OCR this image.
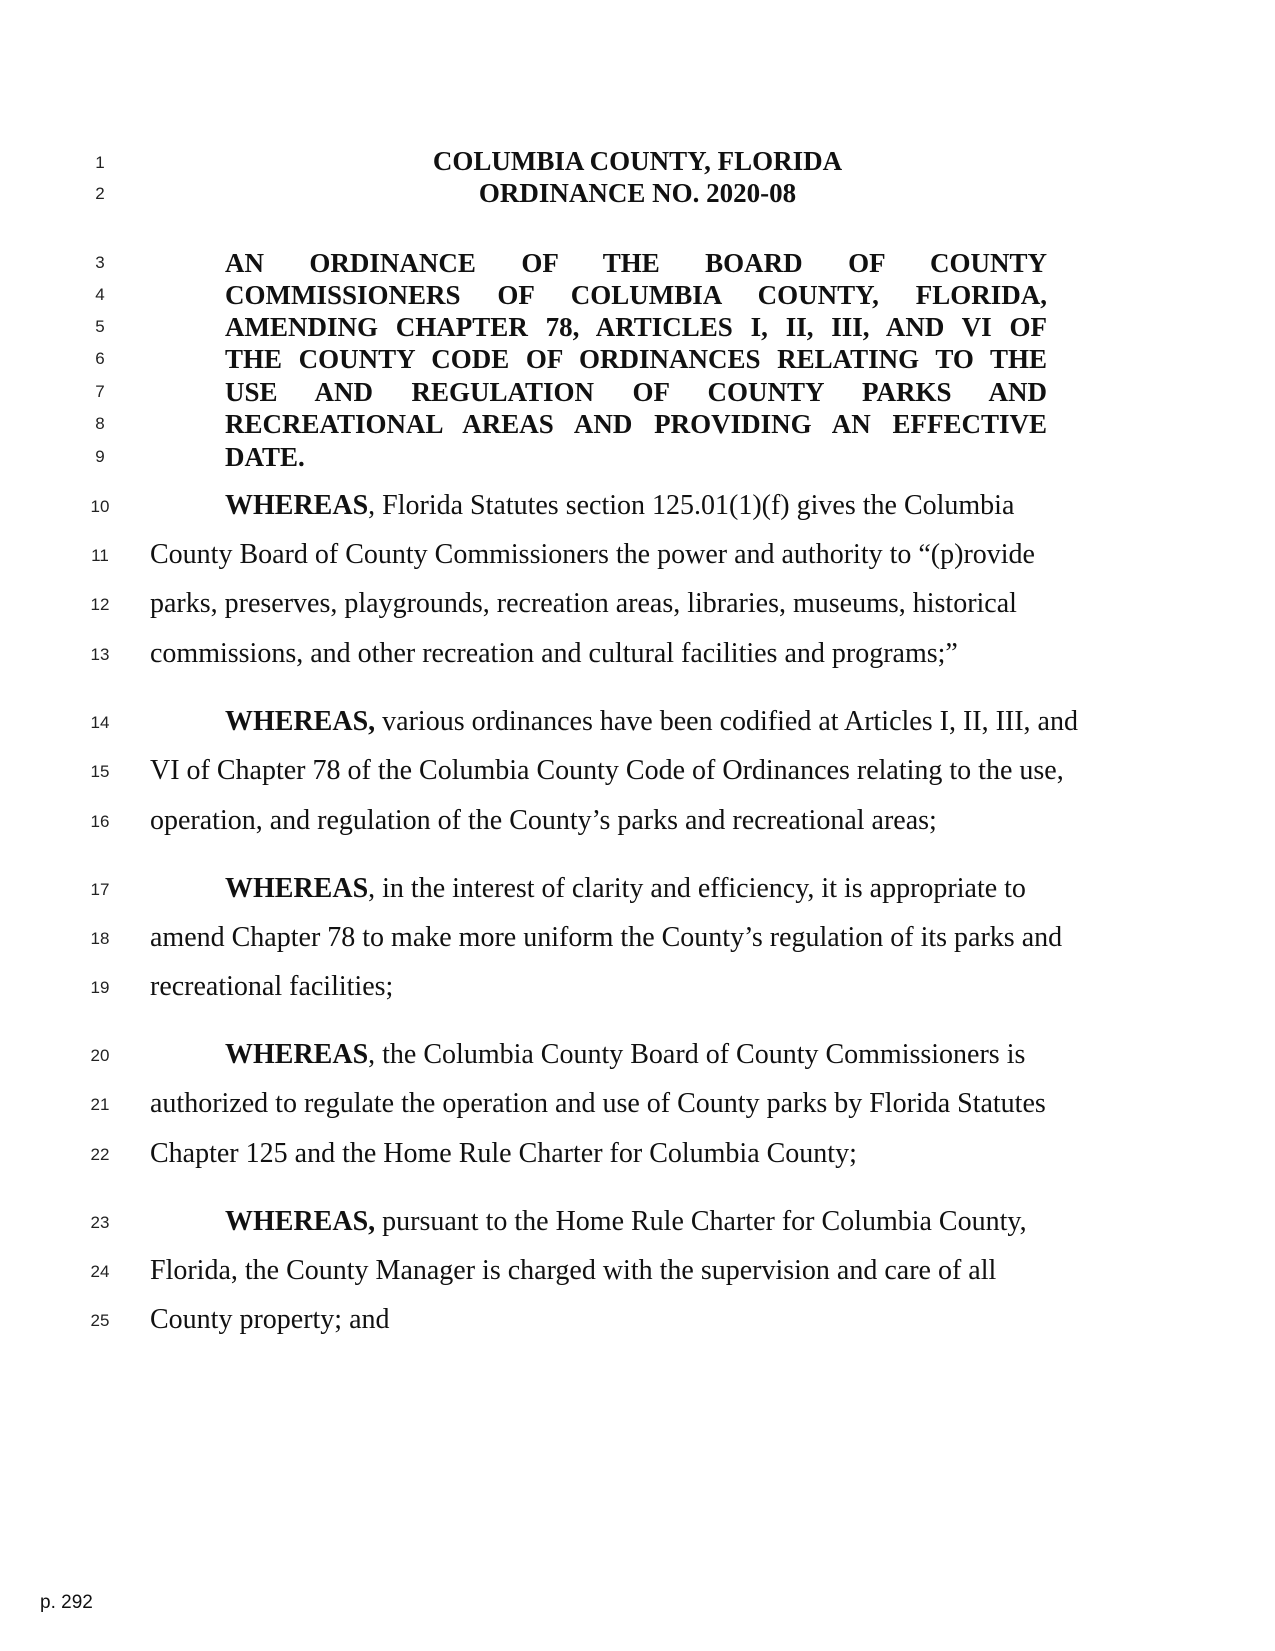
1
2
3
4
5
6
7
8
9
10
11
12
13
14
15
16
17
18
19
20
21
22
23
24
25
COLUMBIA COUNTY, FLORIDA
ORDINANCE NO. 2020-08
AN ORDINANCE OF THE BOARD OF COUNTY
COMMISSIONERS OF COLUMBIA COUNTY, FLORIDA,
AMENDING CHAPTER 78, ARTICLES I, II, III, AND VI OF
THE COUNTY CODE OF ORDINANCES RELATING TO THE
USE AND REGULATION OF COUNTY PARKS AND
RECREATIONAL AREAS AND PROVIDING AN EFFECTIVE
DATE.
WHEREAS, Florida Statutes section 125.01(1)(f) gives the Columbia
County Board of County Commissioners the power and authority to “(p)rovide
parks, preserves, playgrounds, recreation areas, libraries, museums, historical
commissions, and other recreation and cultural facilities and programs;”
WHEREAS, various ordinances have been codified at Articles I, II, III, and
VI of Chapter 78 of the Columbia County Code of Ordinances relating to the use,
operation, and regulation of the County’s parks and recreational areas;
WHEREAS, in the interest of clarity and efficiency, it is appropriate to
amend Chapter 78 to make more uniform the County’s regulation of its parks and
recreational facilities;
WHEREAS, the Columbia County Board of County Commissioners is
authorized to regulate the operation and use of County parks by Florida Statutes
Chapter 125 and the Home Rule Charter for Columbia County;
WHEREAS, pursuant to the Home Rule Charter for Columbia County,
Florida, the County Manager is charged with the supervision and care of all
County property; and
p. 292
